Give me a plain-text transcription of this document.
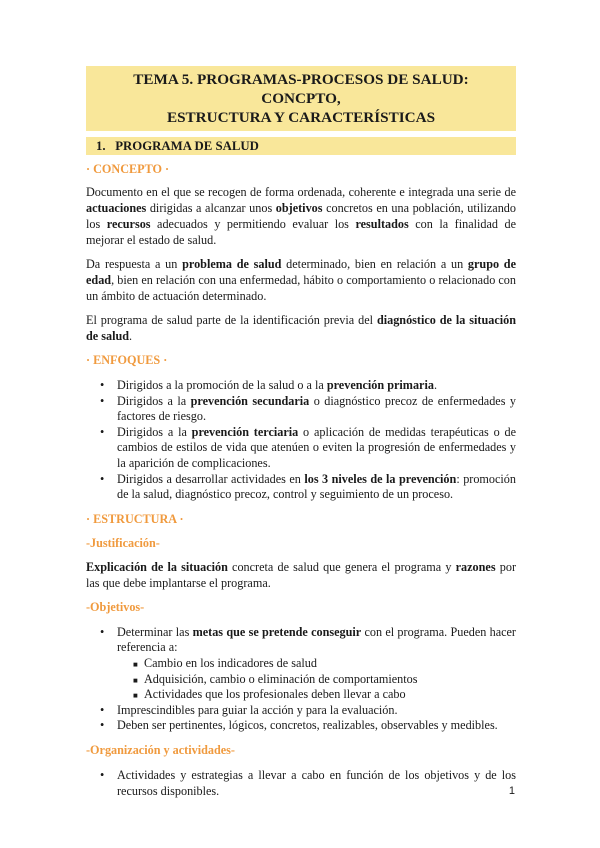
TEMA 5. PROGRAMAS-PROCESOS DE SALUD: CONCPTO,
ESTRUCTURA Y CARACTERÍSTICAS
1. PROGRAMA DE SALUD
· CONCEPTO ·

Documento en el que se recogen de forma ordenada, coherente e integrada una serie de actuaciones dirigidas a alcanzar unos objetivos concretos en una población, utilizando los recursos adecuados y permitiendo evaluar los resultados con la finalidad de mejorar el estado de salud.

Da respuesta a un problema de salud determinado, bien en relación a un grupo de edad, bien en relación con una enfermedad, hábito o comportamiento o relacionado con un ámbito de actuación determinado.

El programa de salud parte de la identificación previa del diagnóstico de la situación de salud.

· ENFOQUES ·
• Dirigidos a la promoción de la salud o a la prevención primaria.
• Dirigidos a la prevención secundaria o diagnóstico precoz de enfermedades y factores de riesgo.
• Dirigidos a la prevención terciaria o aplicación de medidas terapéuticas o de cambios de estilos de vida que atenúen o eviten la progresión de enfermedades y la aparición de complicaciones.
• Dirigidos a desarrollar actividades en los 3 niveles de la prevención: promoción de la salud, diagnóstico precoz, control y seguimiento de un proceso.
· ESTRUCTURA ·
-Justificación-

Explicación de la situación concreta de salud que genera el programa y razones por las que debe implantarse el programa.

-Objetivos-
• Determinar las metas que se pretende conseguir con el programa. Pueden hacer referencia a:
■ Cambio en los indicadores de salud
■ Adquisición, cambio o eliminación de comportamientos
■ Actividades que los profesionales deben llevar a cabo
• Imprescindibles para guiar la acción y para la evaluación.
• Deben ser pertinentes, lógicos, concretos, realizables, observables y medibles.
-Organización y actividades-
• Actividades y estrategias a llevar a cabo en función de los objetivos y de los recursos disponibles.	1
